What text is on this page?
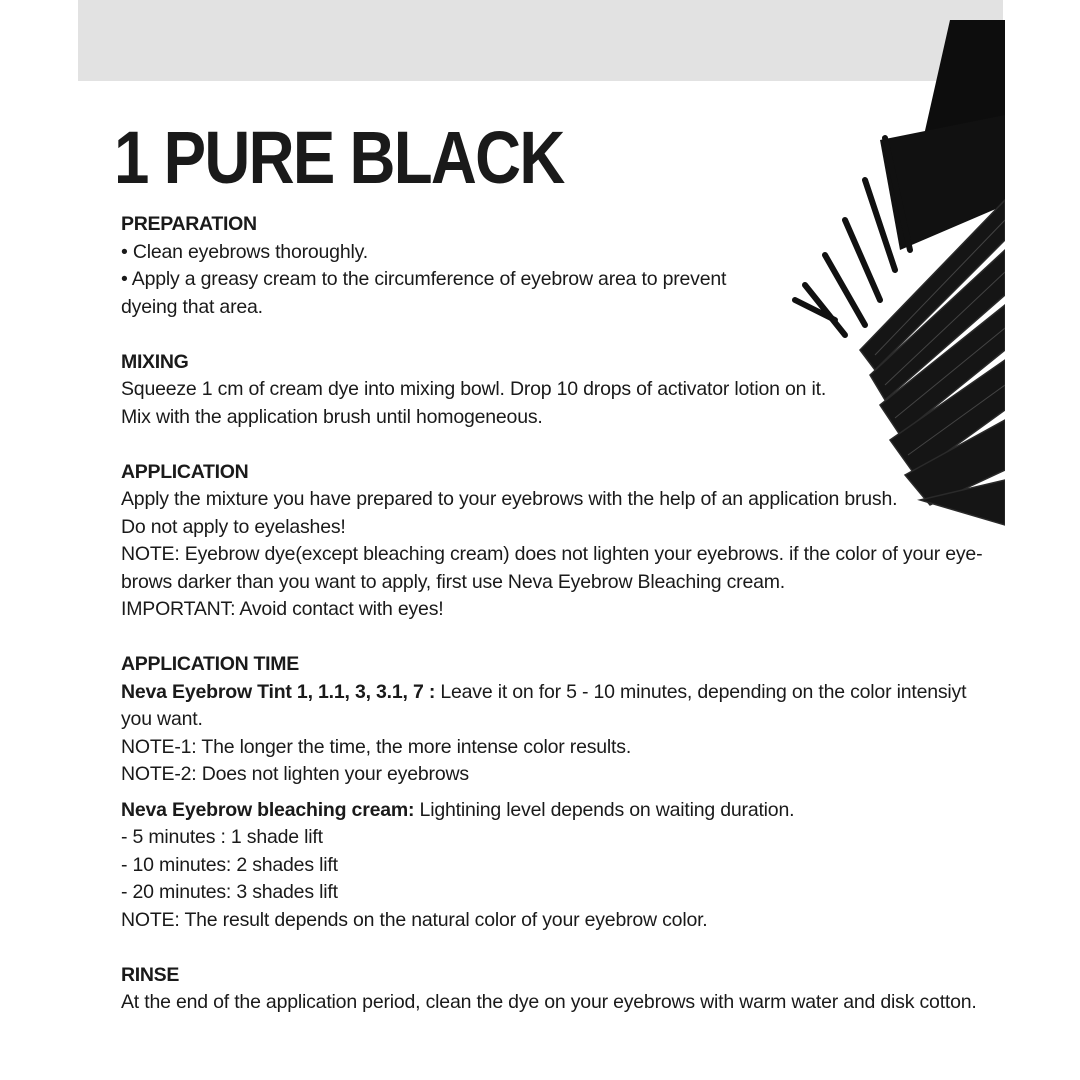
1 PURE BLACK

PREPARATION

• Clean eyebrows thoroughly.

• Apply a greasy cream to the circumference of eyebrow area to prevent

dyeing that area.

MIXING

Squeeze 1 cm of cream dye into mixing bowl. Drop 10 drops of activator lotion on it.

Mix with the application brush until homogeneous.

APPLICATION

Apply the mixture you have prepared to your eyebrows with the help of an application brush.

Do not apply to eyelashes!

NOTE: Eyebrow dye(except bleaching cream) does not lighten your eyebrows. if the color of your eye-

brows darker than you want to apply, first use Neva Eyebrow Bleaching cream.

IMPORTANT: Avoid contact with eyes!

APPLICATION TIME

Neva Eyebrow Tint 1, 1.1, 3, 3.1, 7 : Leave it on for 5 - 10 minutes, depending on the color intensiyt

you want.

NOTE-1: The longer the time, the more intense color results.

NOTE-2: Does not lighten your eyebrows

Neva Eyebrow bleaching cream: Lightining level depends on waiting duration.

- 5 minutes : 1 shade lift

- 10 minutes: 2 shades lift

- 20 minutes: 3 shades lift

NOTE: The result depends on the natural color of your eyebrow color.

RINSE

At the end of the application period, clean the dye on your eyebrows with warm water and disk cotton.
